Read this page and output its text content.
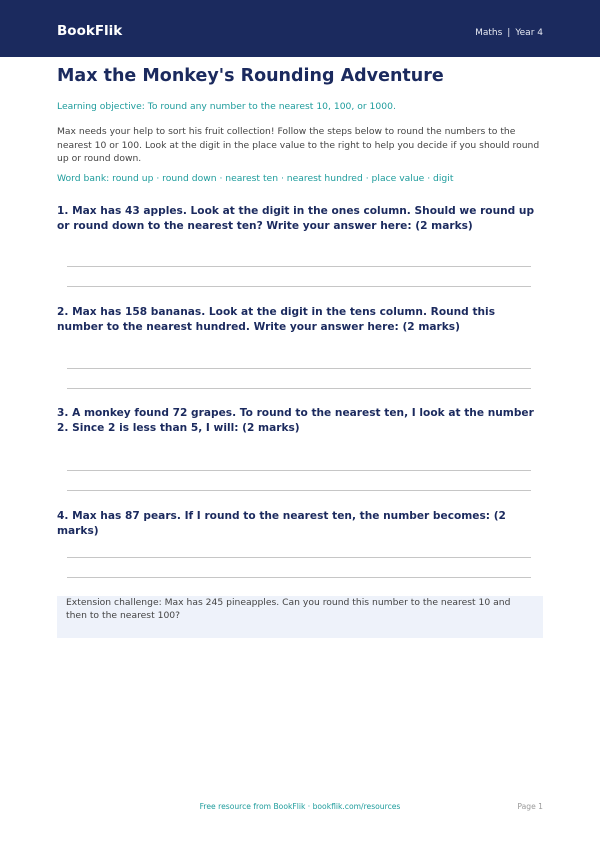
BookFlik	Maths | Year 4
Max the Monkey's Rounding Adventure
Learning objective: To round any number to the nearest 10, 100, or 1000.
Max needs your help to sort his fruit collection! Follow the steps below to round the numbers to the nearest 10 or 100. Look at the digit in the place value to the right to help you decide if you should round up or round down.
Word bank: round up · round down · nearest ten · nearest hundred · place value · digit
1. Max has 43 apples. Look at the digit in the ones column. Should we round up or round down to the nearest ten? Write your answer here: (2 marks)
2. Max has 158 bananas. Look at the digit in the tens column. Round this number to the nearest hundred. Write your answer here: (2 marks)
3. A monkey found 72 grapes. To round to the nearest ten, I look at the number 2. Since 2 is less than 5, I will: (2 marks)
4. Max has 87 pears. If I round to the nearest ten, the number becomes: (2 marks)
Extension challenge: Max has 245 pineapples. Can you round this number to the nearest 10 and then to the nearest 100?
Free resource from BookFlik · bookflik.com/resources	Page 1
